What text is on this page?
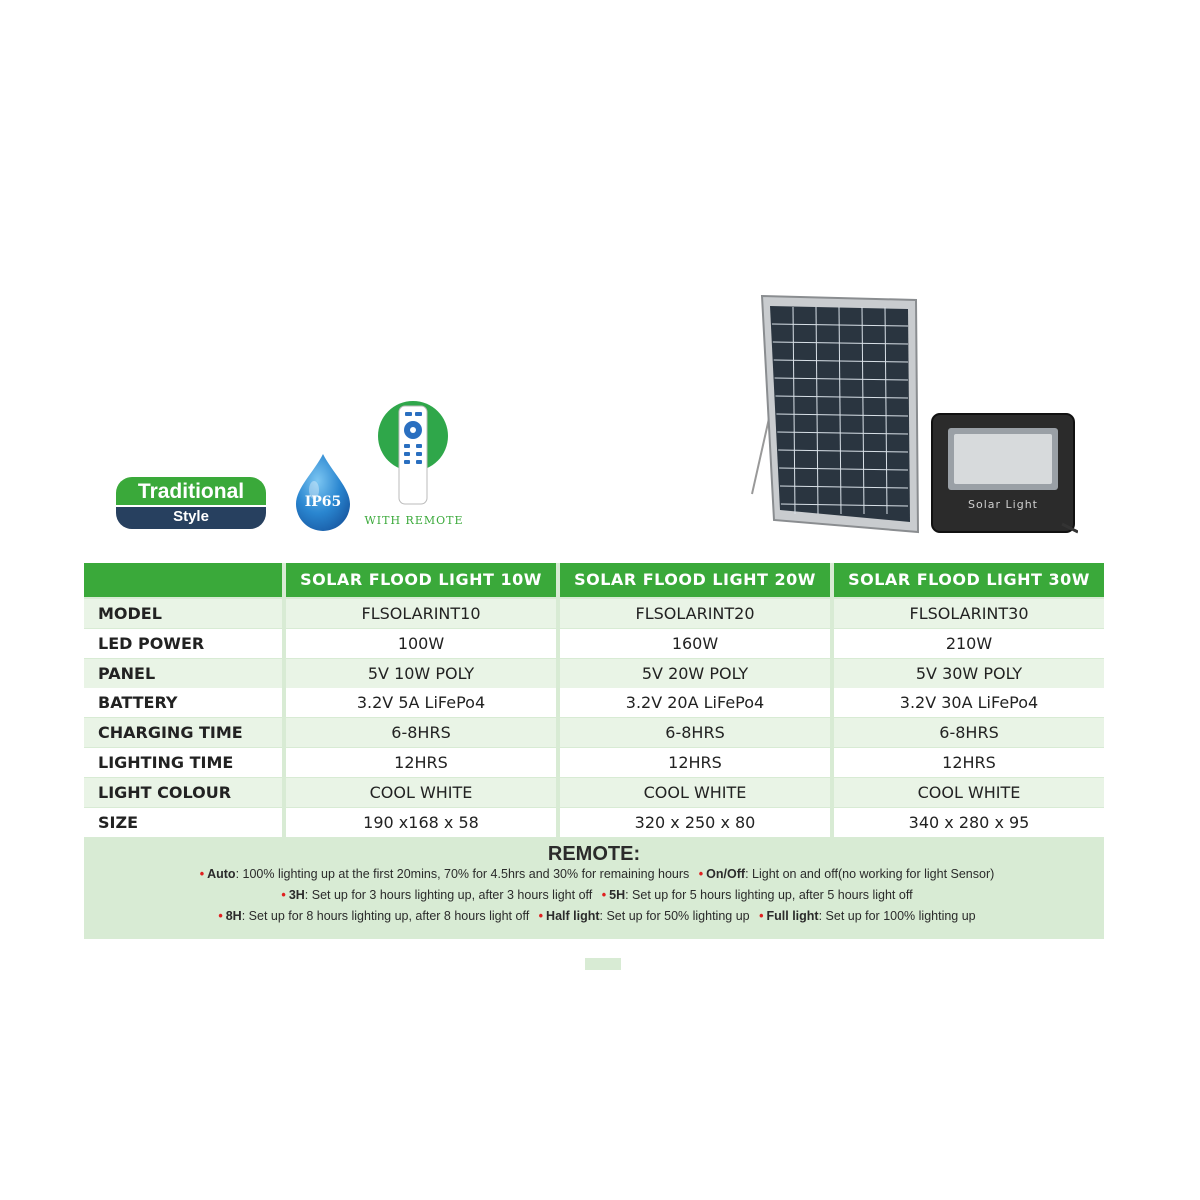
Traditional
Style
IP65
WITH REMOTE
Solar Light
SOLAR FLOOD LIGHT 10W	SOLAR FLOOD LIGHT 20W	SOLAR FLOOD LIGHT 30W
MODEL	FLSOLARINT10	FLSOLARINT20	FLSOLARINT30
LED POWER	100W	160W	210W
PANEL	5V 10W POLY	5V 20W POLY	5V 30W POLY
BATTERY	3.2V 5A LiFePo4	3.2V 20A LiFePo4	3.2V 30A LiFePo4
CHARGING TIME	6-8HRS	6-8HRS	6-8HRS
LIGHTING TIME	12HRS	12HRS	12HRS
LIGHT COLOUR	COOL WHITE	COOL WHITE	COOL WHITE
SIZE	190 x168 x 58	320 x 250 x 80	340 x 280 x 95
REMOTE:
• Auto: 100% lighting up at the first 20mins, 70% for 4.5hrs and 30% for remaining hours • On/Off: Light on and off(no working for light Sensor)
• 3H: Set up for 3 hours lighting up, after 3 hours light off • 5H: Set up for 5 hours lighting up, after 5 hours light off
• 8H: Set up for 8 hours lighting up, after 8 hours light off • Half light: Set up for 50% lighting up • Full light: Set up for 100% lighting up
